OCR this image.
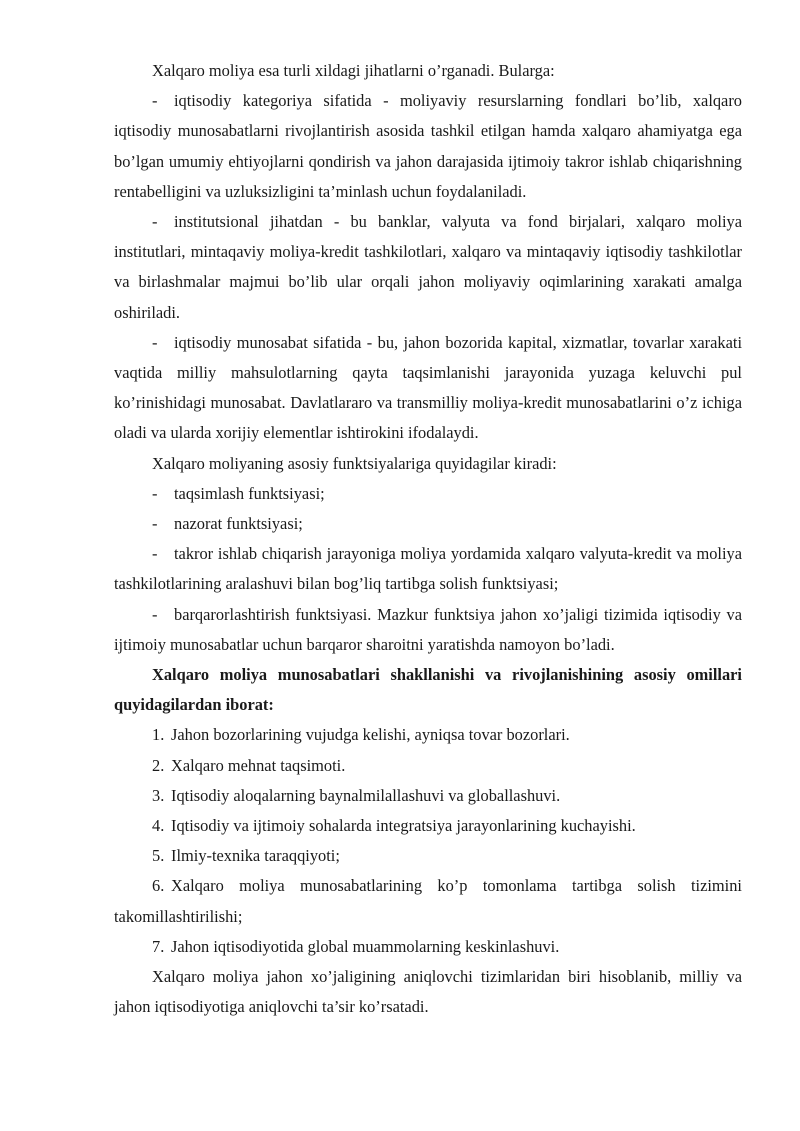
Xalqaro moliya esa turli xildagi jihatlarni o’rganadi. Bularga:

- iqtisodiy kategoriya sifatida - moliyaviy resurslarning fondlari bo’lib, xalqaro iqtisodiy munosabatlarni rivojlantirish asosida tashkil etilgan hamda xalqaro ahamiyatga ega bo’lgan umumiy ehtiyojlarni qondirish va jahon darajasida ijtimoiy takror ishlab chiqarishning rentabelligini va uzluksizligini ta’minlash uchun foydalaniladi.

- institutsional jihatdan - bu banklar, valyuta va fond birjalari, xalqaro moliya institutlari, mintaqaviy moliya-kredit tashkilotlari, xalqaro va mintaqaviy iqtisodiy tashkilotlar va birlashmalar majmui bo’lib ular orqali jahon moliyaviy oqimlarining xarakati amalga oshiriladi.

- iqtisodiy munosabat sifatida - bu, jahon bozorida kapital, xizmatlar, tovarlar xarakati vaqtida milliy mahsulotlarning qayta taqsimlanishi jarayonida yuzaga keluvchi pul ko’rinishidagi munosabat. Davlatlararo va transmilliy moliya-kredit munosabatlarini o’z ichiga oladi va ularda xorijiy elementlar ishtirokini ifodalaydi.

Xalqaro moliyaning asosiy funktsiyalariga quyidagilar kiradi:

- taqsimlash funktsiyasi;

- nazorat funktsiyasi;

- takror ishlab chiqarish jarayoniga moliya yordamida xalqaro valyuta-kredit va moliya tashkilotlarining aralashuvi bilan bog’liq tartibga solish funktsiyasi;

- barqarorlashtirish funktsiyasi. Mazkur funktsiya jahon xo’jaligi tizimida iqtisodiy va ijtimoiy munosabatlar uchun barqaror sharoitni yaratishda namoyon bo’ladi.

Xalqaro moliya munosabatlari shakllanishi va rivojlanishining asosiy omillari quyidagilardan iborat:

1. Jahon bozorlarining vujudga kelishi, ayniqsa tovar bozorlari.

2. Xalqaro mehnat taqsimoti.

3. Iqtisodiy aloqalarning baynalmilallashuvi va globallashuvi.

4. Iqtisodiy va ijtimoiy sohalarda integratsiya jarayonlarining kuchayishi.

5. Ilmiy-texnika taraqqiyoti;

6. Xalqaro moliya munosabatlarining ko’p tomonlama tartibga solish tizimini takomillashtirilishi;

7. Jahon iqtisodiyotida global muammolarning keskinlashuvi.

Xalqaro moliya jahon xo’jaligining aniqlovchi tizimlaridan biri hisoblanib, milliy va jahon iqtisodiyotiga aniqlovchi ta’sir ko’rsatadi.
